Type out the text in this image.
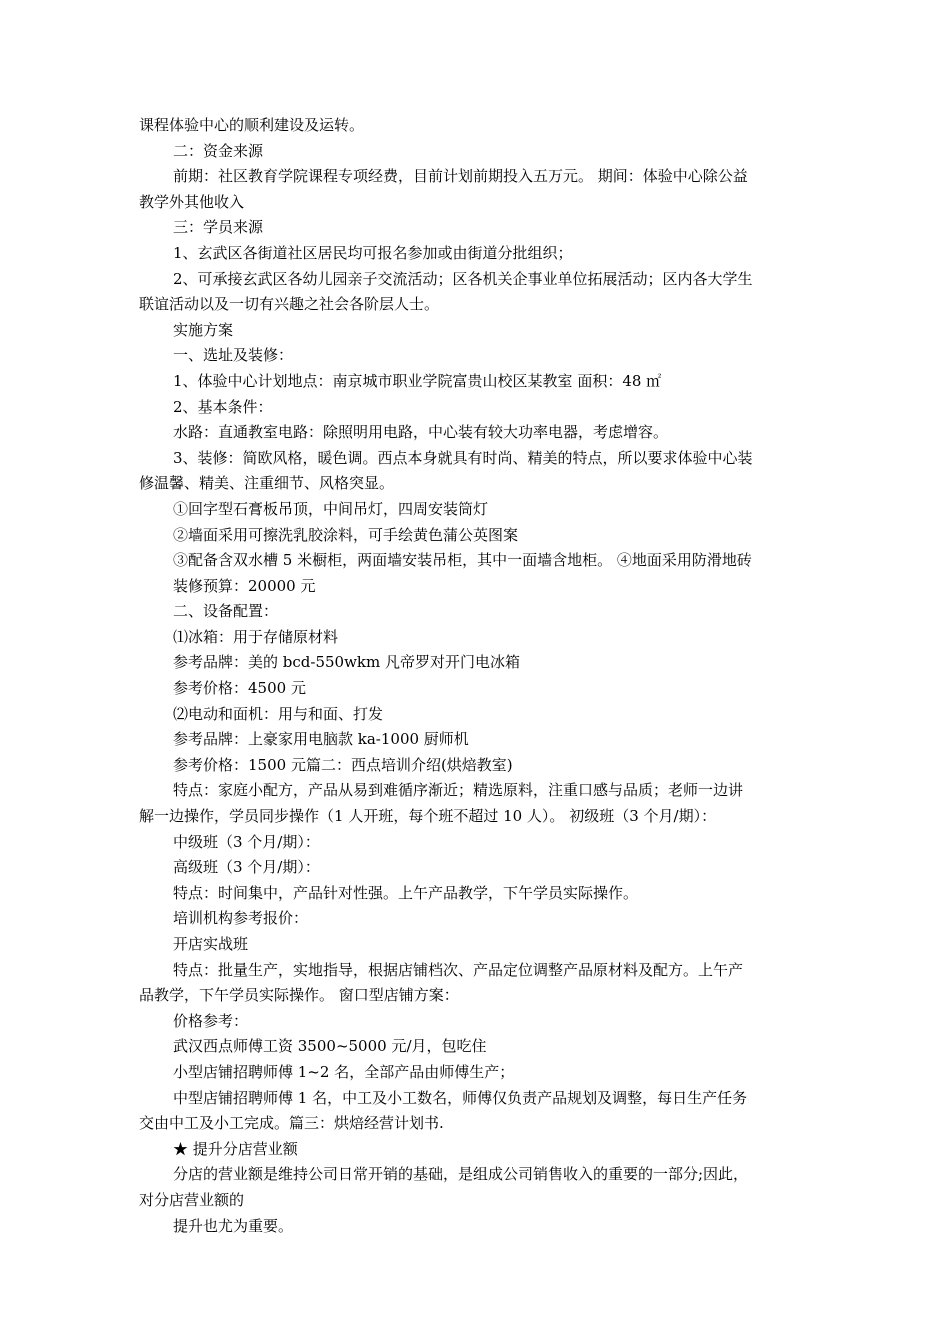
课程体验中心的顺利建设及运转。
二：资金来源
前期：社区教育学院课程专项经费，目前计划前期投入五万元。 期间：体验中心除公益
教学外其他收入
三：学员来源
1、玄武区各街道社区居民均可报名参加或由街道分批组织；
2、可承接玄武区各幼儿园亲子交流活动；区各机关企事业单位拓展活动；区内各大学生
联谊活动以及一切有兴趣之社会各阶层人士。
实施方案
一、选址及装修：
1、体验中心计划地点：南京城市职业学院富贵山校区某教室 面积：48 ㎡
2、基本条件：
水路：直通教室电路：除照明用电路，中心装有较大功率电器，考虑增容。
3、装修：简欧风格，暖色调。西点本身就具有时尚、精美的特点，所以要求体验中心装
修温馨、精美、注重细节、风格突显。
①回字型石膏板吊顶，中间吊灯，四周安装筒灯
②墙面采用可擦洗乳胶涂料，可手绘黄色蒲公英图案
③配备含双水槽 5 米橱柜，两面墙安装吊柜，其中一面墙含地柜。 ④地面采用防滑地砖
装修预算：20000 元
二、设备配置：
⑴冰箱：用于存储原材料
参考品牌：美的 bcd-550wkm 凡帝罗对开门电冰箱
参考价格：4500 元
⑵电动和面机：用与和面、打发
参考品牌：上豪家用电脑款 ka-1000 厨师机
参考价格：1500 元篇二：西点培训介绍(烘焙教室)
特点：家庭小配方，产品从易到难循序渐近；精选原料，注重口感与品质；老师一边讲
解一边操作，学员同步操作（1 人开班，每个班不超过 10 人）。 初级班（3 个月/期）：
中级班（3 个月/期）：
高级班（3 个月/期）：
特点：时间集中，产品针对性强。上午产品教学，下午学员实际操作。
培训机构参考报价：
开店实战班
特点：批量生产，实地指导，根据店铺档次、产品定位调整产品原材料及配方。上午产
品教学，下午学员实际操作。 窗口型店铺方案：
价格参考：
武汉西点师傅工资 3500~5000 元/月，包吃住
小型店铺招聘师傅 1~2 名，全部产品由师傅生产；
中型店铺招聘师傅 1 名，中工及小工数名，师傅仅负责产品规划及调整，每日生产任务
交由中工及小工完成。篇三：烘焙经营计划书.
★ 提升分店营业额
分店的营业额是维持公司日常开销的基础，是组成公司销售收入的重要的一部分;因此，
对分店营业额的
提升也尤为重要。
